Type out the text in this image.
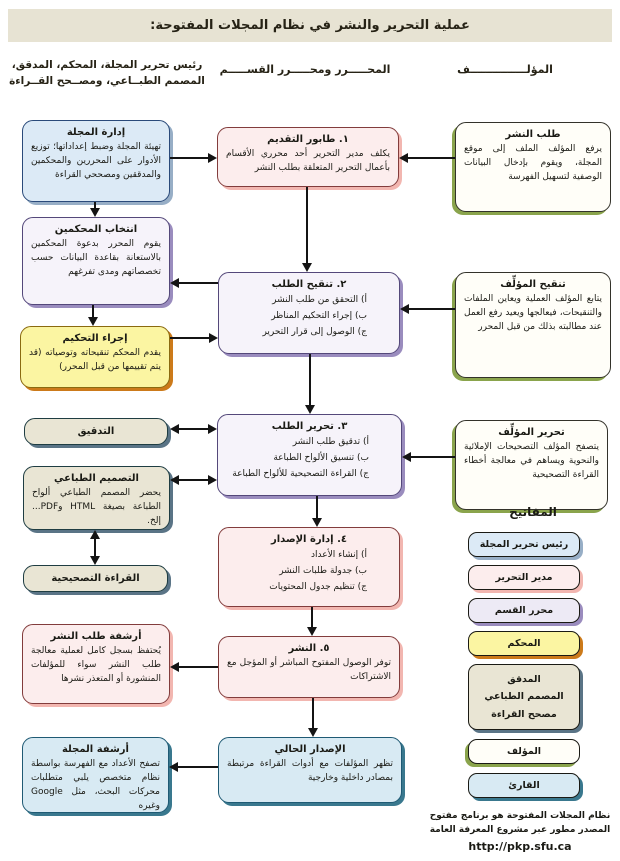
عملية التحرير والنشر في نظام المجلات المفتوحة:
المؤلـــــــــــــــف
المحـــــرر ومحـــــرر القســـــم
رئيس تحرير المجلة، المحكم، المدقق، المصمم الطبــاعي، ومصــحح القــراءة
طلب النشر
يرفع المؤلف الملف إلى موقع المجلة، ويقوم بإدخال البيانات الوصفية لتسهيل الفهرسة
تنقيح المؤلِّف
يتابع المؤلف العملية ويعاين الملفات والتنقيحات، فيعالجها ويعيد رفع العمل عند مطالبته بذلك من قبل المحرر
تحرير المؤلِّف
يتصفح المؤلف التصحيحات الإملائية والنحوية ويساهم في معالجة أخطاء القراءة التصحيحية
المفاتيح
رئيس تحرير المجلة
مدير التحرير
محرر القسم
المحكم
المدقق
المصمم الطباعي
مصحح القراءة
المؤلف
القارئ
نظام المجلات المفتوحة هو برنامج مفتوح
المصدر مطور عبر مشروع المعرفة العامة
http://pkp.sfu.ca
١. طابور التقديم
يكلف مدير التحرير أحد محرري الأقسام بأعمال التحرير المتعلقة بطلب النشر
٢. تنقيح الطلب
أ) التحقق من طلب النشر
ب) إجراء التحكيم المناظر
ج) الوصول إلى قرار التحرير
٣. تحرير الطلب
أ) تدقيق طلب النشر
ب) تنسيق الألواح الطباعة
ج) القراءة التصحيحية للألواح الطباعة
٤. إدارة الإصدار
أ) إنشاء الأعداد
ب) جدولة طلبات النشر
ج) تنظيم جدول المحتويات
٥. النشر
توفر الوصول المفتوح المباشر أو المؤجل مع الاشتراكات
الإصدار الحالي
تظهر المؤلفات مع أدوات القراءة مرتبطة بمصادر داخلية وخارجية
إدارة المجلة
تهيئة المجلة وضبط إعداداتها؛ توزيع الأدوار على المحررين والمحكمين والمدققين ومصححي القراءة
انتخاب المحكمين
يقوم المحرر بدعوة المحكمين بالاستعانة بقاعدة البيانات حسب تخصصاتهم ومدى تفرغهم
إجراء التحكيم
يقدم المحكم تنقيحاته وتوصياته (قد يتم تقييمها من قبل المحرر)
التدقيق
التصميم الطباعي
يحضر المصمم الطباعي ألواح الطباعة بصيغة HTML وPDF... إلخ.
القراءة التصحيحية
أرشفة طلب النشر
يُحتفظ بسجل كامل لعملية معالجة طلب النشر سواء للمؤلفات المنشورة أو المتعذر نشرها
أرشفة المجلة
تصفح الأعداد مع الفهرسة بواسطة نظام متخصص يلبي متطلبات محركات البحث، مثل Google وغيره
